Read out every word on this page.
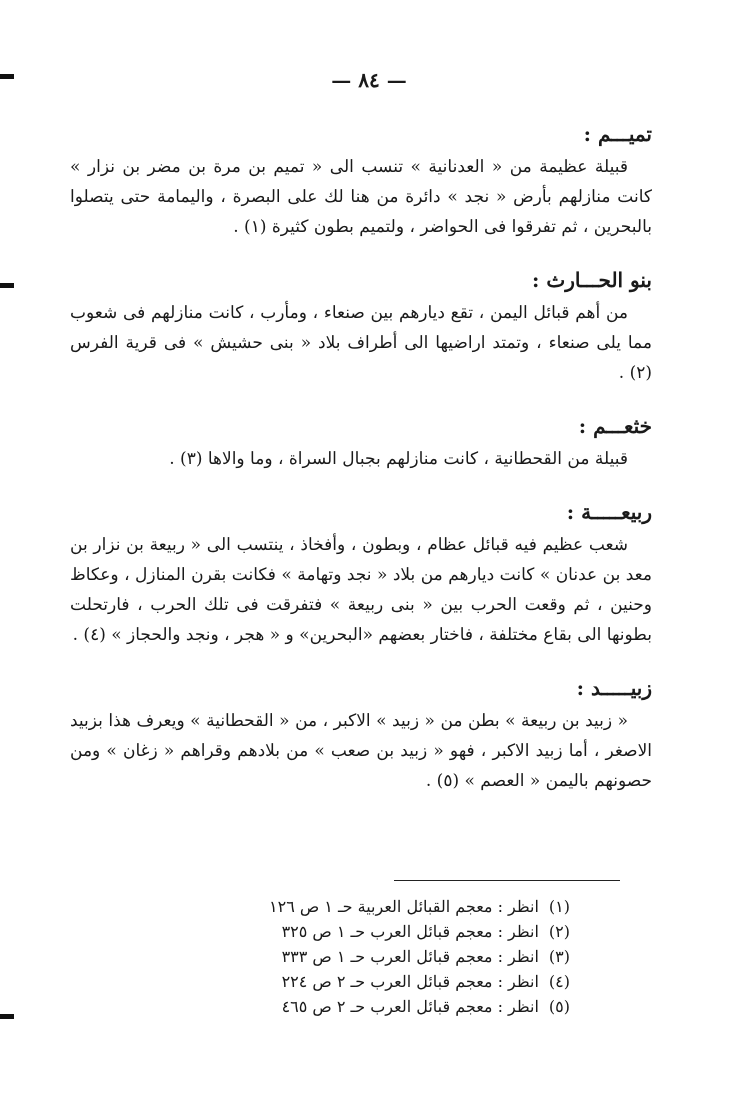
— ٨٤ —
تميـــم :

قبيلة عظيمة من « العدنانية » تنسب الى « تميم بن مرة بن مضر بن نزار » كانت منازلهم بأرض « نجد » دائرة من هنا لك على البصرة ، واليمامة حتى يتصلوا بالبحرين ، ثم تفرقوا فى الحواضر ، ولتميم بطون كثيرة (١) .

بنو الحـــارث :

من أهم قبائل اليمن ، تقع ديارهم بين صنعاء ، ومأرب ، كانت منازلهم فى شعوب مما يلى صنعاء ، وتمتد اراضيها الى أطراف بلاد « بنى حشيش » فى قرية الفرس (٢) .

خثعـــم :

قبيلة من القحطانية ، كانت منازلهم بجبال السراة ، وما والاها (٣) .

ربيعـــــة :

شعب عظيم فيه قبائل عظام ، وبطون ، وأفخاذ ، ينتسب الى « ربيعة بن نزار بن معد بن عدنان » كانت ديارهم من بلاد « نجد وتهامة » فكانت بقرن المنازل ، وعكاظ وحنين ، ثم وقعت الحرب بين « بنى ربيعة » فتفرقت فى تلك الحرب ، فارتحلت بطونها الى بقاع مختلفة ، فاختار بعضهم «البحرين» و « هجر ، ونجد والحجاز » (٤) .

زبيـــــد :

« زبيد بن ربيعة » بطن من « زبيد » الاكبر ، من « القحطانية » ويعرف هذا بزبيد الاصغر ، أما زبيد الاكبر ، فهو « زبيد بن صعب » من بلادهم وقراهم « زغان » ومن حصونهم باليمن « العصم » (٥) .

(١) انظر : معجم القبائل العربية حـ ١ ص ١٢٦
(٢) انظر : معجم قبائل العرب حـ ١ ص ٣٢٥
(٣) انظر : معجم قبائل العرب حـ ١ ص ٣٣٣
(٤) انظر : معجم قبائل العرب حـ ٢ ص ٢٢٤
(٥) انظر : معجم قبائل العرب حـ ٢ ص ٤٦٥
